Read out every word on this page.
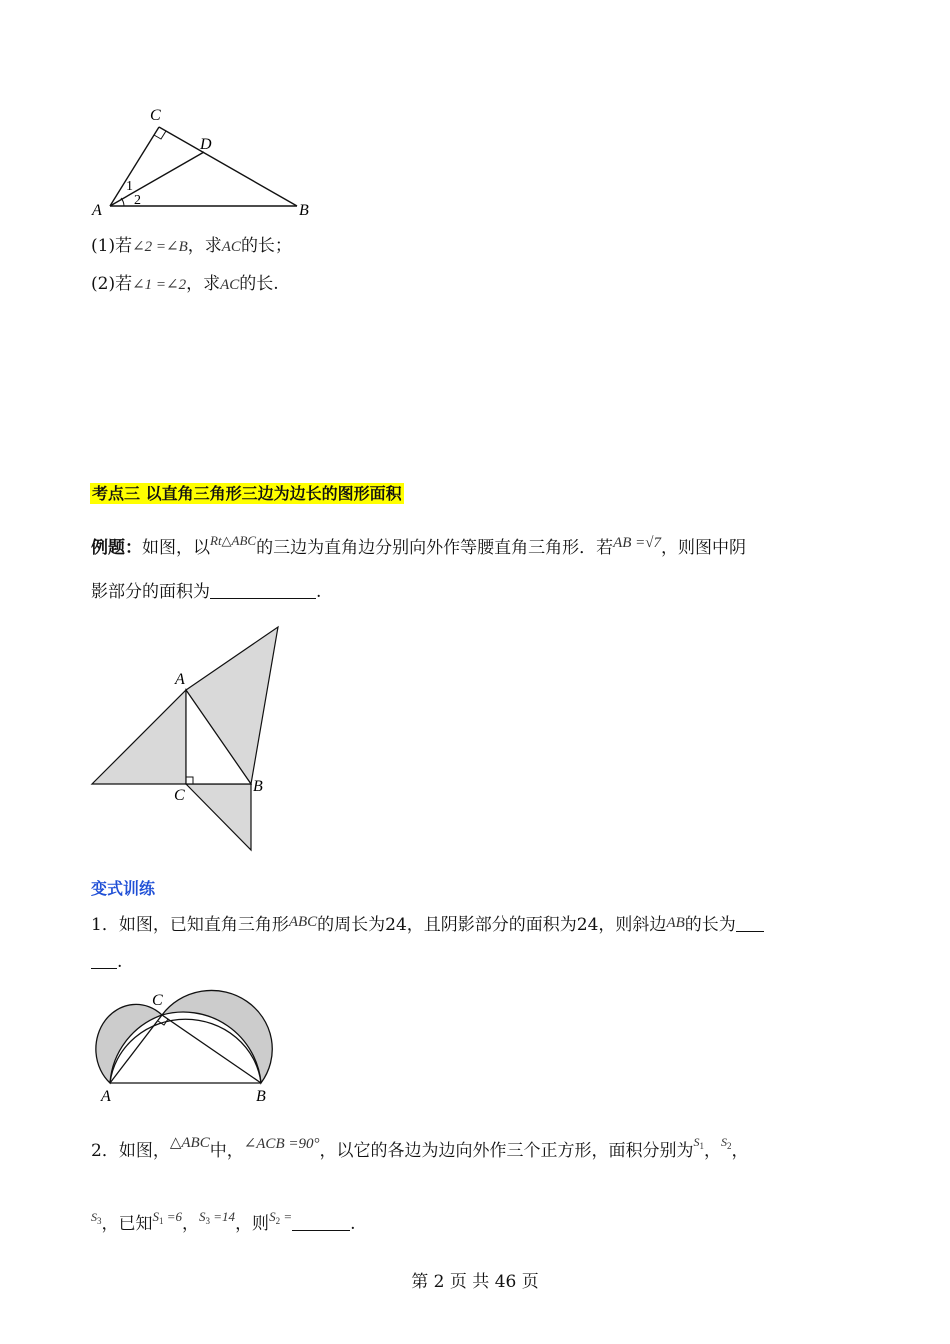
C
D
A	B
1
2
(1)若∠2 =∠B，求AC的长；
(2)若∠1 =∠2，求AC的长.
考点三 以直角三角形三边为边长的图形面积
例题：如图，以$^{Rt\triangle ABC}$的三边为直角边分别向外作等腰直角三角形．若AB =√7，则图中阴
影部分的面积为	.
A
B
C
变式训练
1．如图，已知直角三角形ABC的周长为24，且阴影部分的面积为24，则斜边AB的长为
.
C
A	B
2．如图，△ABC中，∠ACB =90°，以它的各边为边向外作三个正方形，面积分别为$^{S_1}$，$^{S_2}$，
$^{S_3}$，已知$^{S_1 =6}$，$^{S_3 =14}$，则$^{S_2 =}$	.
第 2 页 共 46 页
